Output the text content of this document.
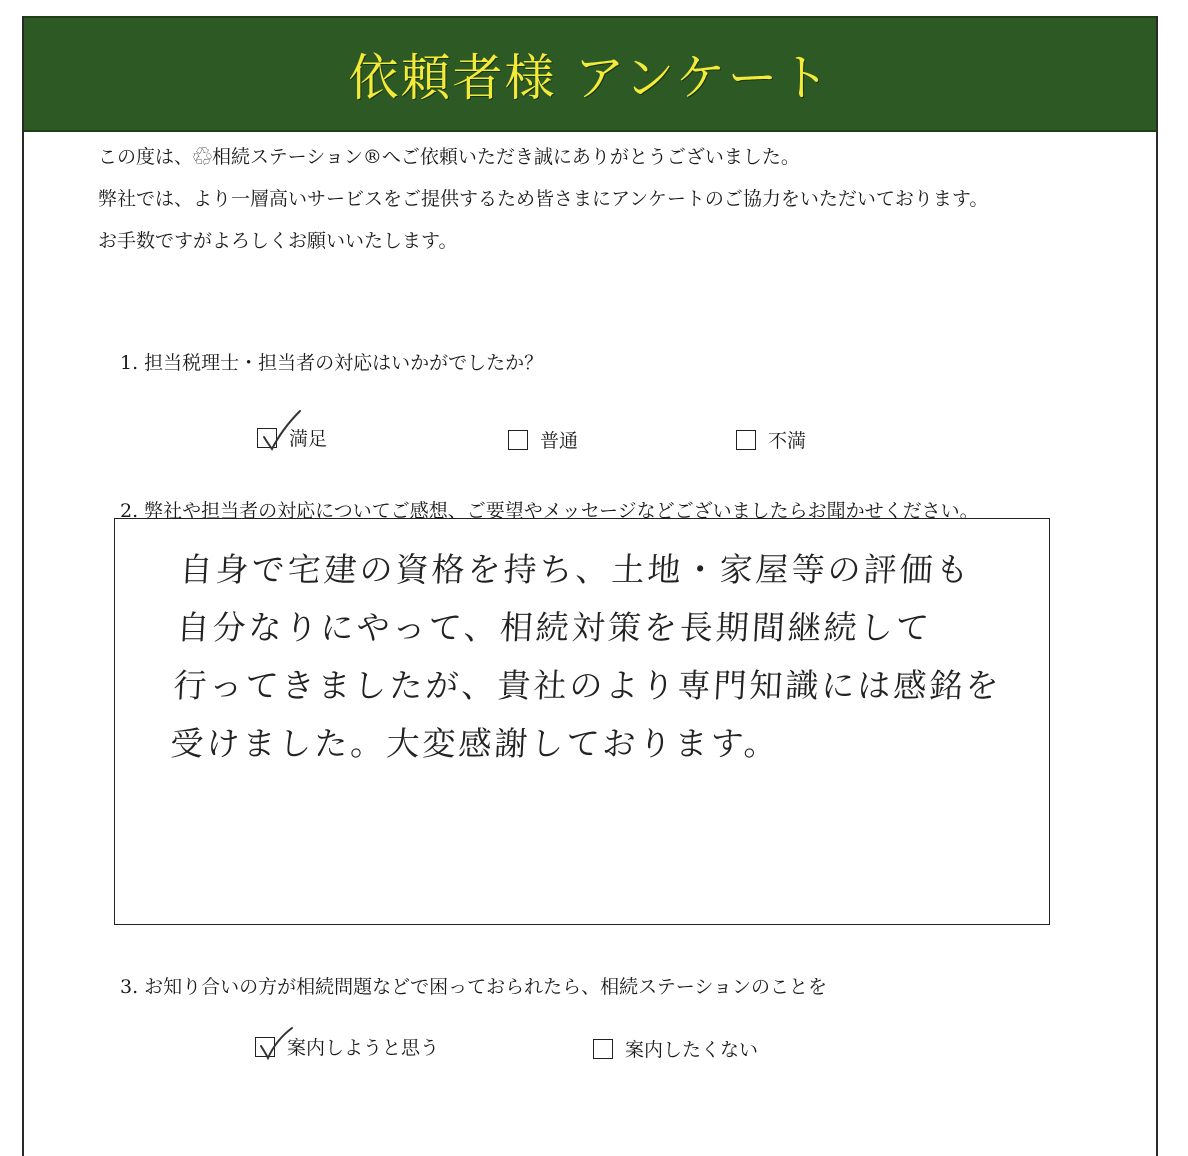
依頼者様 アンケート

この度は、♲相続ステーション®へご依頼いただき誠にありがとうございました。

弊社では、より一層高いサービスをご提供するため皆さまにアンケートのご協力をいただいております。

お手数ですがよろしくお願いいたします。

1. 担当税理士・担当者の対応はいかがでしたか？
満足	普通	不満
2. 弊社や担当者の対応についてご感想、ご要望やメッセージなどございましたらお聞かせください。
自身で宅建の資格を持ち、土地・家屋等の評価も
自分なりにやって、相続対策を長期間継続して
行ってきましたが、貴社のより専門知識には感銘を
受けました。大変感謝しております。
3. お知り合いの方が相続問題などで困っておられたら、相続ステーションのことを
案内しようと思う	案内したくない
